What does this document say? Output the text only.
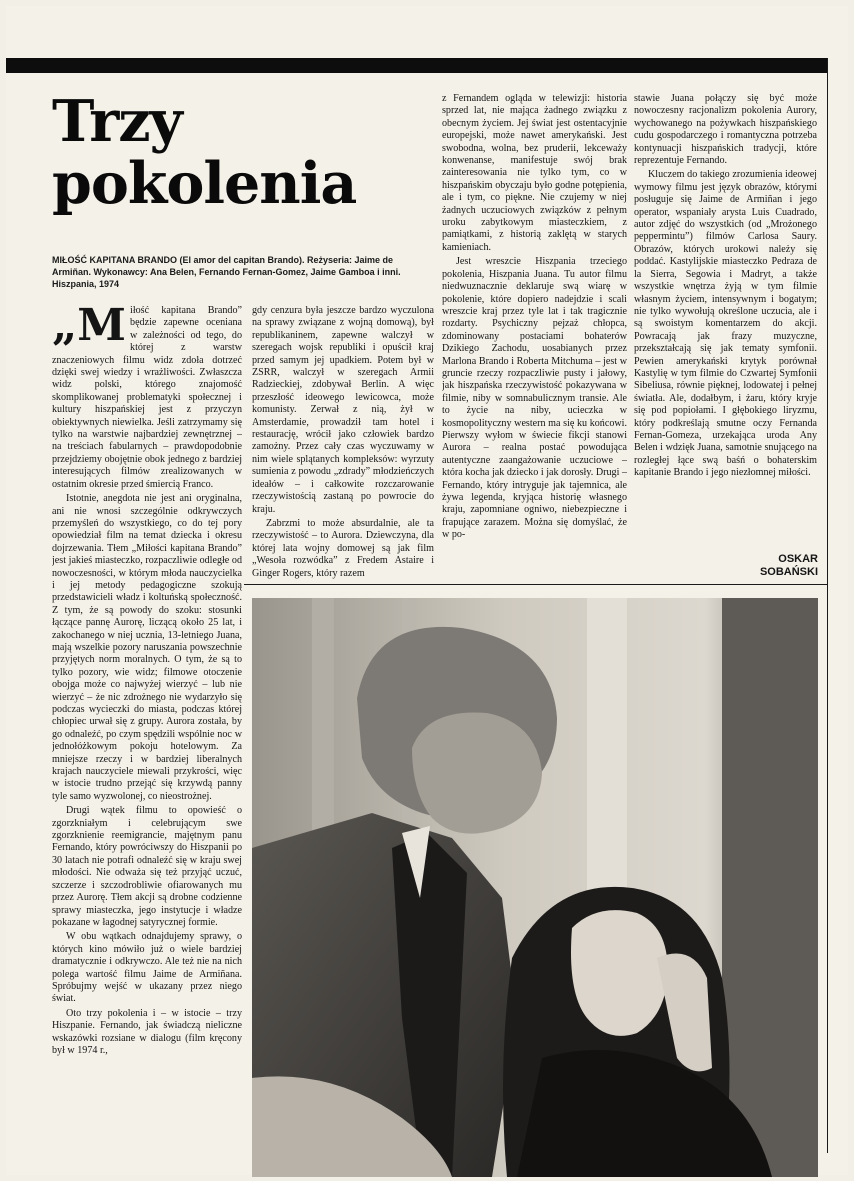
Trzy
pokolenia

MIŁOŚĆ KAPITANA BRANDO (El amor del capitan Brando). Reżyseria: Jaime de Armiñan. Wykonawcy: Ana Belen, Fernando Fernan-Gomez, Jaime Gamboa i inni. Hiszpania, 1974

„Miłość kapitana Brando” będzie zapewne oceniana w zależności od tego, do której z warstw znaczeniowych filmu widz zdoła dotrzeć dzięki swej wiedzy i wrażliwości. Zwłaszcza widz polski, którego znajomość skomplikowanej problematyki społecznej i kultury hiszpańskiej jest z przyczyn obiektywnych niewielka. Jeśli zatrzymamy się tylko na warstwie najbardziej zewnętrznej – na treściach fabularnych – prawdopodobnie przejdziemy obojętnie obok jednego z bardziej interesujących filmów zrealizowanych w ostatnim okresie przed śmiercią Franco.

Istotnie, anegdota nie jest ani oryginalna, ani nie wnosi szczególnie odkrywczych przemyśleń do wszystkiego, co do tej pory opowiedział film na temat dziecka i okresu dojrzewania. Tłem „Miłości kapitana Brando” jest jakieś miasteczko, rozpaczliwie odległe od nowoczesności, w którym młoda nauczycielka i jej metody pedagogiczne szokują przedstawicieli władz i koltuńską społeczność. Z tym, że są powody do szoku: stosunki łączące pannę Aurorę, liczącą około 25 lat, i zakochanego w niej ucznia, 13-letniego Juana, mają wszelkie pozory naruszania powszechnie przyjętych norm moralnych. O tym, że są to tylko pozory, wie widz; filmowe otoczenie obojga może co najwyżej wierzyć – lub nie wierzyć – że nic zdrożnego nie wydarzyło się podczas wycieczki do miasta, podczas której chłopiec urwał się z grupy. Aurora została, by go odnaleźć, po czym spędzili wspólnie noc w jednołóżkowym pokoju hotelowym. Za mniejsze rzeczy i w bardziej liberalnych krajach nauczyciele miewali przykrości, więc w istocie trudno przejąć się krzywdą panny tyle samo wyzwolonej, co nieostrożnej.

Drugi wątek filmu to opowieść o zgorzkniałym i celebrującym swe zgorzknienie reemigrancie, majętnym panu Fernando, który powróciwszy do Hiszpanii po 30 latach nie potrafi odnaleźć się w kraju swej młodości. Nie odważa się też przyjąć uczuć, szczerze i szczodrobliwie ofiarowanych mu przez Aurorę. Tłem akcji są drobne codzienne sprawy miasteczka, jego instytucje i władze pokazane w łagodnej satyrycznej formie.

W obu wątkach odnajdujemy sprawy, o których kino mówiło już o wiele bardziej dramatycznie i odkrywczo. Ale też nie na nich polega wartość filmu Jaime de Armiñana. Spróbujmy wejść w ukazany przez niego świat.

Oto trzy pokolenia i – w istocie – trzy Hiszpanie. Fernando, jak świadczą nieliczne wskazówki rozsiane w dialogu (film kręcony był w 1974 r.,

gdy cenzura była jeszcze bardzo wyczulona na sprawy związane z wojną domową), był republikaninem, zapewne walczył w szeregach wojsk republiki i opuścił kraj przed samym jej upadkiem. Potem był w ZSRR, walczył w szeregach Armii Radzieckiej, zdobywał Berlin. A więc przeszłość ideowego lewicowca, może komunisty. Zerwał z nią, żył w Amsterdamie, prowadził tam hotel i restaurację, wrócił jako człowiek bardzo zamożny. Przez cały czas wyczuwamy w nim wiele splątanych kompleksów: wyrzuty sumienia z powodu „zdrady” młodzieńczych ideałów – i całkowite rozczarowanie rzeczywistością zastaną po powrocie do kraju.

Zabrzmi to może absurdalnie, ale ta rzeczywistość – to Aurora. Dziewczyna, dla której lata wojny domowej są jak film „Wesoła rozwódka” z Fredem Astaire i Ginger Rogers, który razem

z Fernandem ogląda w telewizji: historia sprzed lat, nie mająca żadnego związku z obecnym życiem. Jej świat jest ostentacyjnie europejski, może nawet amerykański. Jest swobodna, wolna, bez pruderii, lekceważy konwenanse, manifestuje swój brak zainteresowania nie tylko tym, co w hiszpańskim obyczaju było godne potępienia, ale i tym, co piękne. Nie czujemy w niej żadnych uczuciowych związków z pełnym uroku zabytkowym miasteczkiem, z pamiątkami, z historią zaklętą w starych kamieniach.

Jest wreszcie Hiszpania trzeciego pokolenia, Hiszpania Juana. Tu autor filmu niedwuznacznie deklaruje swą wiarę w pokolenie, które dopiero nadejdzie i scali wreszcie kraj przez tyle lat i tak tragicznie rozdarty. Psychiczny pejzaż chłopca, zdominowany postaciami bohaterów Dzikiego Zachodu, uosabianych przez Marlona Brando i Roberta Mitchuma – jest w gruncie rzeczy rozpaczliwie pusty i jałowy, jak hiszpańska rzeczywistość pokazywana w filmie, niby w somnabulicznym transie. Ale to życie na niby, ucieczka w kosmopolityczny western ma się ku końcowi. Pierwszy wyłom w świecie fikcji stanowi Aurora – realna postać powodująca autentyczne zaangażowanie uczuciowe – która kocha jak dziecko i jak dorosły. Drugi – Fernando, który intryguje jak tajemnica, ale żywa legenda, kryjąca historię własnego kraju, zapomniane ogniwo, niebezpieczne i frapujące zarazem. Można się domyślać, że w po-

stawie Juana połączy się być może nowoczesny racjonalizm pokolenia Aurory, wychowanego na pożywkach hiszpańskiego cudu gospodarczego i romantyczna potrzeba kontynuacji hiszpańskich tradycji, które reprezentuje Fernando.

Kluczem do takiego zrozumienia ideowej wymowy filmu jest język obrazów, którymi posługuje się Jaime de Armiñan i jego operator, wspaniały arysta Luis Cuadrado, autor zdjęć do wszystkich (od „Mrożonego peppermintu”) filmów Carlosa Saury. Obrazów, których urokowi należy się poddać. Kastylijskie miasteczko Pedraza de la Sierra, Segowia i Madryt, a także wszystkie wnętrza żyją w tym filmie własnym życiem, intensywnym i bogatym; nie tylko wywołują określone uczucia, ale i są swoistym komentarzem do akcji. Powracają jak frazy muzyczne, przekształcają się jak tematy symfonii. Pewien amerykański krytyk porównał Kastylię w tym filmie do Czwartej Symfonii Sibeliusa, równie pięknej, lodowatej i pełnej światła. Ale, dodałbym, i żaru, który kryje się pod popiołami. I głębokiego liryzmu, który podkreślają smutne oczy Fernanda Fernan-Gomeza, urzekająca uroda Any Belen i wdzięk Juana, samotnie snującego na rozległej łące swą baśń o bohaterskim kapitanie Brando i jego niezłomnej miłości.

OSKAR
SOBAŃSKI
